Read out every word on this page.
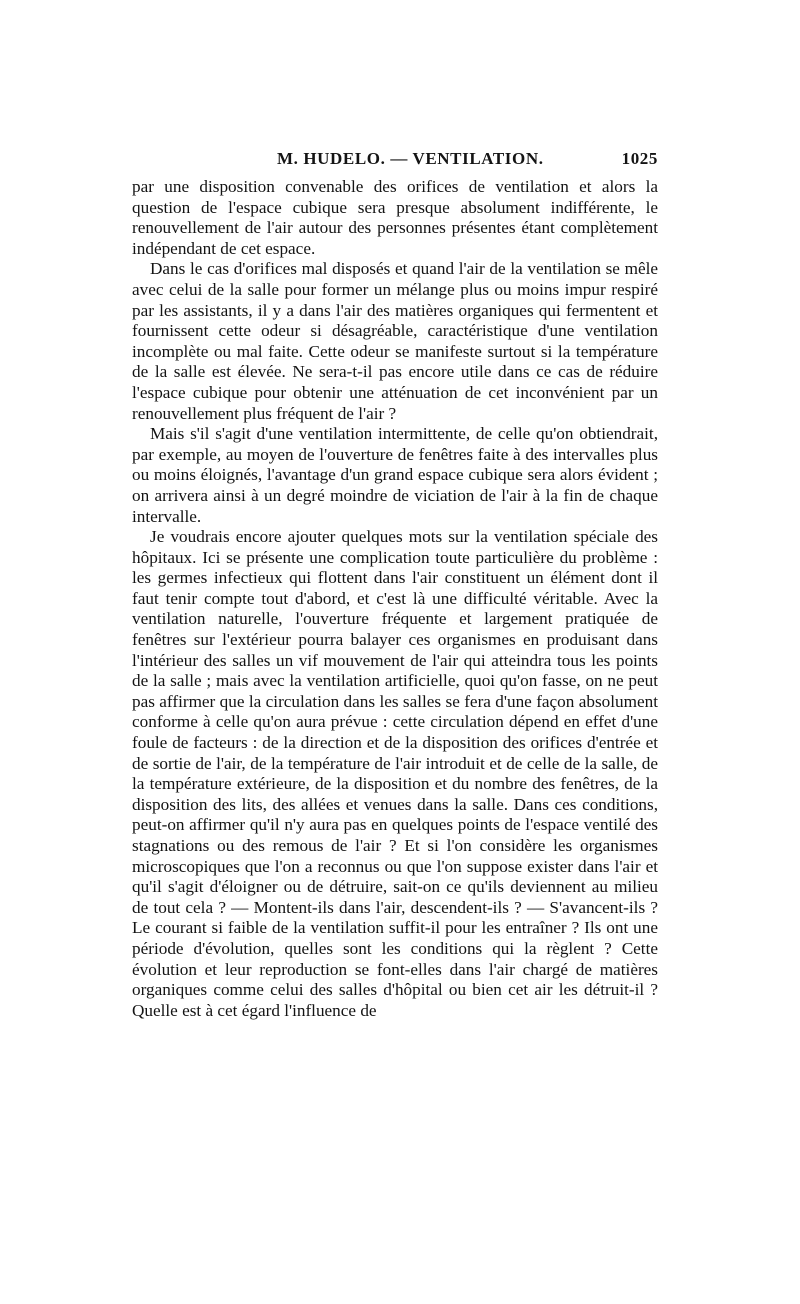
M. HUDELO. — VENTILATION.	1025

par une disposition convenable des orifices de ventilation et alors la question de l'espace cubique sera presque absolument indifférente, le renouvellement de l'air autour des personnes présentes étant complètement indépendant de cet espace.

Dans le cas d'orifices mal disposés et quand l'air de la ventilation se mêle avec celui de la salle pour former un mélange plus ou moins impur respiré par les assistants, il y a dans l'air des matières organiques qui fermentent et fournissent cette odeur si désagréable, caractéristique d'une ventilation incomplète ou mal faite. Cette odeur se manifeste surtout si la température de la salle est élevée. Ne sera-t-il pas encore utile dans ce cas de réduire l'espace cubique pour obtenir une atténuation de cet inconvénient par un renouvellement plus fréquent de l'air ?

Mais s'il s'agit d'une ventilation intermittente, de celle qu'on obtiendrait, par exemple, au moyen de l'ouverture de fenêtres faite à des intervalles plus ou moins éloignés, l'avantage d'un grand espace cubique sera alors évident ; on arrivera ainsi à un degré moindre de viciation de l'air à la fin de chaque intervalle.

Je voudrais encore ajouter quelques mots sur la ventilation spéciale des hôpitaux. Ici se présente une complication toute particulière du problème : les germes infectieux qui flottent dans l'air constituent un élément dont il faut tenir compte tout d'abord, et c'est là une difficulté véritable. Avec la ventilation naturelle, l'ouverture fréquente et largement pratiquée de fenêtres sur l'extérieur pourra balayer ces organismes en produisant dans l'intérieur des salles un vif mouvement de l'air qui atteindra tous les points de la salle ; mais avec la ventilation artificielle, quoi qu'on fasse, on ne peut pas affirmer que la circulation dans les salles se fera d'une façon absolument conforme à celle qu'on aura prévue : cette circulation dépend en effet d'une foule de facteurs : de la direction et de la disposition des orifices d'entrée et de sortie de l'air, de la température de l'air introduit et de celle de la salle, de la température extérieure, de la disposition et du nombre des fenêtres, de la disposition des lits, des allées et venues dans la salle. Dans ces conditions, peut-on affirmer qu'il n'y aura pas en quelques points de l'espace ventilé des stagnations ou des remous de l'air ? Et si l'on considère les organismes microscopiques que l'on a reconnus ou que l'on suppose exister dans l'air et qu'il s'agit d'éloigner ou de détruire, sait-on ce qu'ils deviennent au milieu de tout cela ? — Montent-ils dans l'air, descendent-ils ? — S'avancent-ils ? Le courant si faible de la ventilation suffit-il pour les entraîner ? Ils ont une période d'évolution, quelles sont les conditions qui la règlent ? Cette évolution et leur reproduction se font-elles dans l'air chargé de matières organiques comme celui des salles d'hôpital ou bien cet air les détruit-il ? Quelle est à cet égard l'influence de
